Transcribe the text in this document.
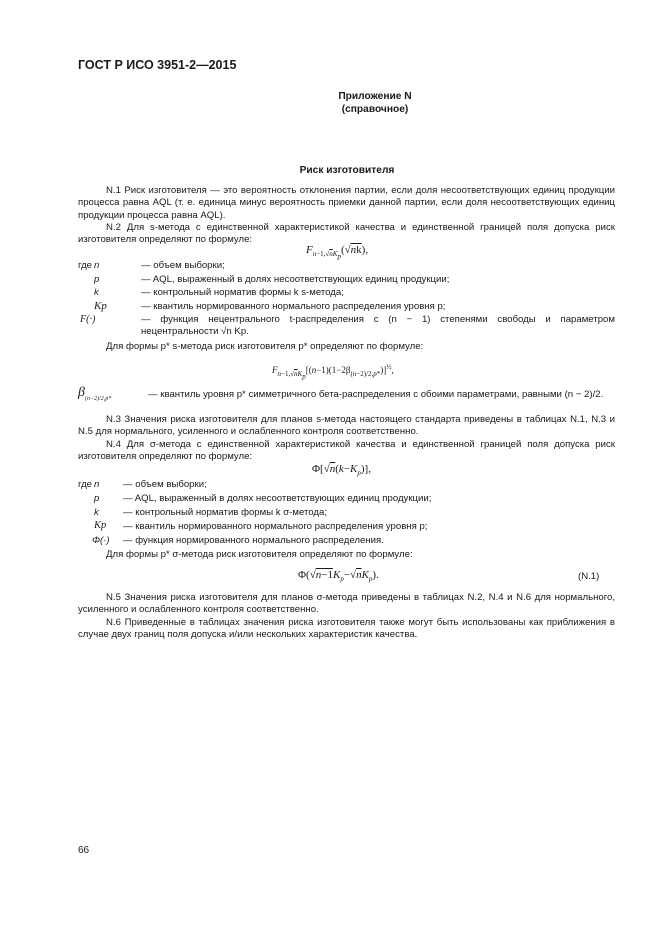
ГОСТ Р ИСО 3951-2—2015
Приложение N
(справочное)
Риск изготовителя
N.1 Риск изготовителя — это вероятность отклонения партии, если доля несоответствующих единиц продукции процесса равна AQL (т. е. единица минус вероятность приемки данной партии, если доля несоответствующих единиц продукции процесса равна AQL).
N.2 Для s-метода с единственной характеристикой качества и единственной границей поля допуска риск изготовителя определяют по формуле:
$F_{n-1,√nK_p}(√nk)$,
где n	— объем выборки;
p	— AQL, выраженный в долях несоответствующих единиц продукции;
k	— контрольный норматив формы k s-метода;
Kp	— квантиль нормированного нормального распределения уровня p;
F(·)	— функция нецентрального t-распределения с (n − 1) степенями свободы и параметром нецентральности √n Kp.
Для формы p* s-метода риск изготовителя p* определяют по формуле:
$F_{n-1,√nK_p}[(n-1)(1-2\beta_{(n-2)/2,p*})]^{\frac{1}{2}}$,
$\beta_{(n-2)/2,p*}$	— квантиль уровня p* симметричного бета-распределения с обоими параметрами, равными (n − 2)/2.
N.3 Значения риска изготовителя для планов s-метода настоящего стандарта приведены в таблицах N.1, N.3 и N.5 для нормального, усиленного и ослабленного контроля соответственно.
N.4 Для σ-метода с единственной характеристикой качества и единственной границей поля допуска риск изготовителя определяют по формуле:
$\Phi[√n(k-K_p)]$,
где n — объем выборки;
p — AQL, выраженный в долях несоответствующих единиц продукции;
k	— контрольный норматив формы k σ-метода;
Kp — квантиль нормированного нормального распределения уровня p;
Φ(·) — функция нормированного нормального распределения.
Для формы p* σ-метода риск изготовителя определяют по формуле:
$\Phi(√n-1K_p-√nK_p)$.	(N.1)
N.5 Значения риска изготовителя для планов σ-метода приведены в таблицах N.2, N.4 и N.6 для нормального, усиленного и ослабленного контроля соответственно.
N.6 Приведенные в таблицах значения риска изготовителя также могут быть использованы как приближения в случае двух границ поля допуска и/или нескольких характеристик качества.
66
